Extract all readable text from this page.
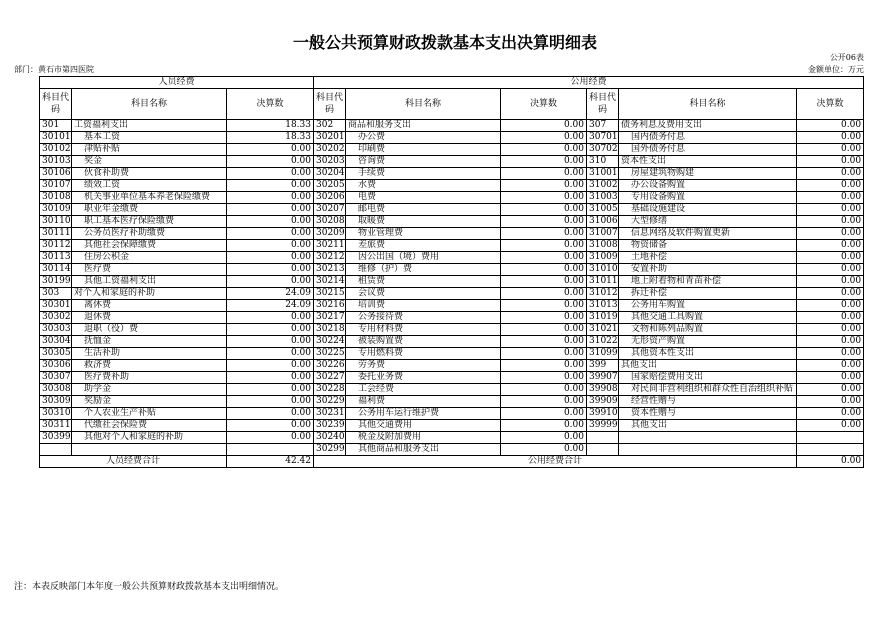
一般公共预算财政拨款基本支出决算明细表
公开06表
部门：黄石市第四医院	金额单位：万元
人员经费			公用经费					
科目代码	科目名称	决算数	科目代码	科目名称	决算数	科目代码	科目名称	决算数
301	工资福利支出	18.33	302	商品和服务支出	0.00	307	债务利息及费用支出	0.00
30101	基本工资	18.33	30201	办公费	0.00	30701	国内债务付息	0.00
30102	津贴补贴	0.00	30202	印刷费	0.00	30702	国外债务付息	0.00
30103	奖金	0.00	30203	咨询费	0.00	310	资本性支出	0.00
30106	伙食补助费	0.00	30204	手续费	0.00	31001	房屋建筑物购建	0.00
30107	绩效工资	0.00	30205	水费	0.00	31002	办公设备购置	0.00
30108	机关事业单位基本养老保险缴费	0.00	30206	电费	0.00	31003	专用设备购置	0.00
30109	职业年金缴费	0.00	30207	邮电费	0.00	31005	基础设施建设	0.00
30110	职工基本医疗保险缴费	0.00	30208	取暖费	0.00	31006	大型修缮	0.00
30111	公务员医疗补助缴费	0.00	30209	物业管理费	0.00	31007	信息网络及软件购置更新	0.00
30112	其他社会保障缴费	0.00	30211	差旅费	0.00	31008	物资储备	0.00
30113	住房公积金	0.00	30212	因公出国（境）费用	0.00	31009	土地补偿	0.00
30114	医疗费	0.00	30213	维修（护）费	0.00	31010	安置补助	0.00
30199	其他工资福利支出	0.00	30214	租赁费	0.00	31011	地上附着物和青苗补偿	0.00
303	对个人和家庭的补助	24.09	30215	会议费	0.00	31012	拆迁补偿	0.00
30301	离休费	24.09	30216	培训费	0.00	31013	公务用车购置	0.00
30302	退休费	0.00	30217	公务接待费	0.00	31019	其他交通工具购置	0.00
30303	退职（役）费	0.00	30218	专用材料费	0.00	31021	文物和陈列品购置	0.00
30304	抚恤金	0.00	30224	被装购置费	0.00	31022	无形资产购置	0.00
30305	生活补助	0.00	30225	专用燃料费	0.00	31099	其他资本性支出	0.00
30306	救济费	0.00	30226	劳务费	0.00	399	其他支出	0.00
30307	医疗费补助	0.00	30227	委托业务费	0.00	39907	国家赔偿费用支出	0.00
30308	助学金	0.00	30228	工会经费	0.00	39908	对民间非营利组织和群众性自治组织补贴	0.00
30309	奖励金	0.00	30229	福利费	0.00	39909	经营性赠与	0.00
30310	个人农业生产补贴	0.00	30231	公务用车运行维护费	0.00	39910	资本性赠与	0.00
30311	代缴社会保险费	0.00	30239	其他交通费用	0.00	39999	其他支出	0.00
30399	其他对个人和家庭的补助	0.00	30240	税金及附加费用	0.00			
			30299	其他商品和服务支出	0.00			
人员经费合计		42.42	公用经费合计					0.00
注：本表反映部门本年度一般公共预算财政拨款基本支出明细情况。
